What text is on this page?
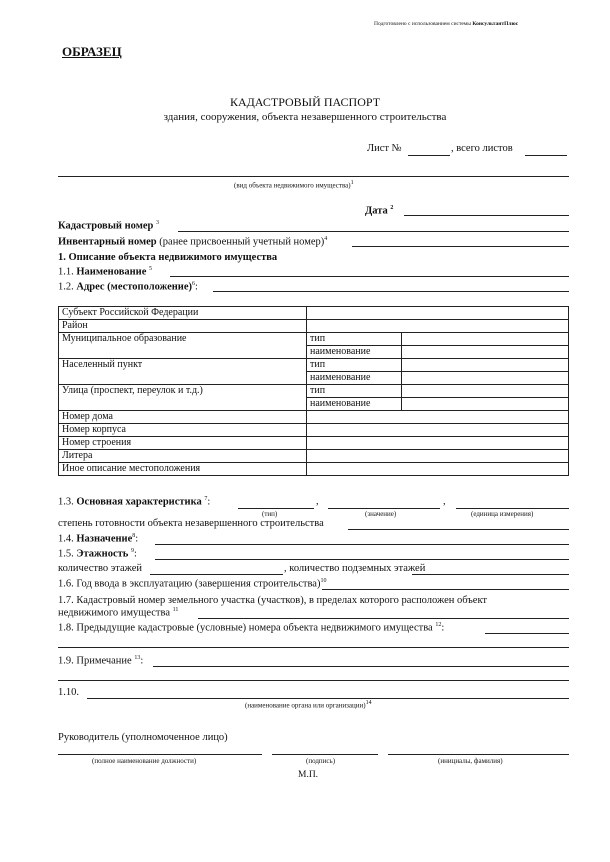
Подготовлено с использованием системы КонсультантПлюс
ОБРАЗЕЦ
КАДАСТРОВЫЙ ПАСПОРТ
здания, сооружения, объекта незавершенного строительства
Лист №	, всего листов
(вид объекта недвижимого имущества)$^1$
Дата $^2$
Кадастровый номер $^3$
Инвентарный номер (ранее присвоенный учетный номер)$^4$
1. Описание объекта недвижимого имущества
1.1. Наименование $^5$
1.2. Адрес (местоположение)$^6$:
Субъект Российской Федерации		
Район		
Муниципальное образование	тип	
	наименование	
Населенный пункт	тип	
	наименование	
Улица (проспект, переулок и т.д.)	тип	
	наименование	
Номер дома		
Номер корпуса		
Номер строения		
Литера		
Иное описание местоположения		
1.3. Основная характеристика $^7$:	,	,
(тип)	(значение)	(единица измерения)
степень готовности объекта незавершенного строительства
1.4. Назначение$^8$:
1.5. Этажность $^9$:
количество этажей	, количество подземных этажей
1.6. Год ввода в эксплуатацию (завершения строительства)$^{10}$
1.7. Кадастровый номер земельного участка (участков), в пределах которого расположен объект
недвижимого имущества $^{11}$
1.8. Предыдущие кадастровые (условные) номера объекта недвижимого имущества $^{12}$:
1.9. Примечание $^{13}$:
1.10.
(наименование органа или организации)$^{14}$
Руководитель (уполномоченное лицо)
(полное наименование должности)	(подпись)	(инициалы, фамилия)
М.П.
